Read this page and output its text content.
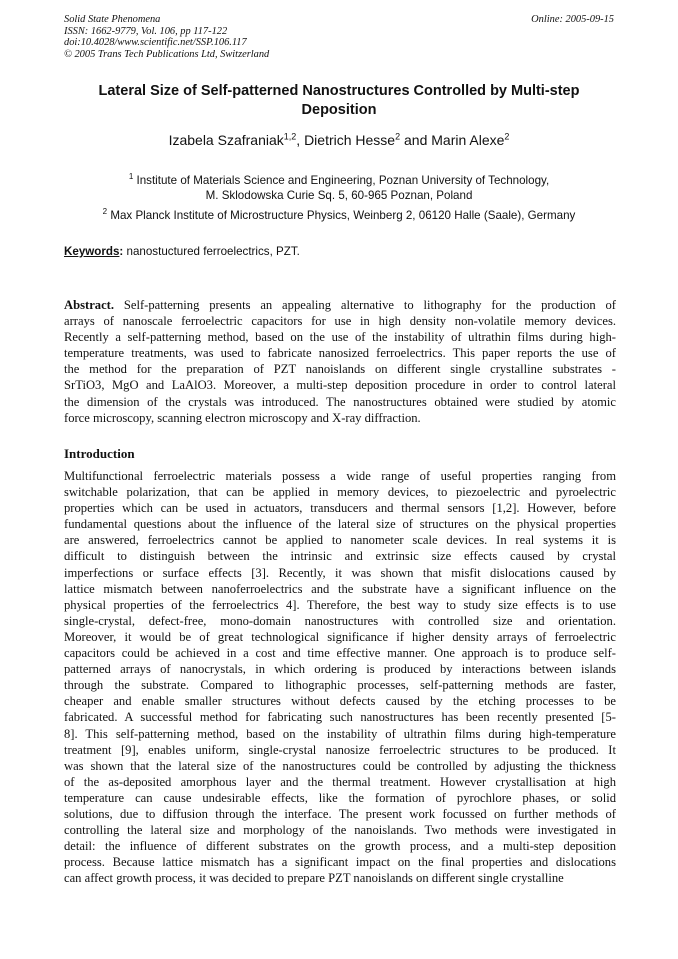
Solid State Phenomena
ISSN: 1662-9779, Vol. 106, pp 117-122
doi:10.4028/www.scientific.net/SSP.106.117
© 2005 Trans Tech Publications Ltd, Switzerland
Online: 2005-09-15
Lateral Size of Self-patterned Nanostructures Controlled by Multi-step
Deposition
Izabela Szafraniak$^{1,2}$, Dietrich Hesse$^2$ and Marin Alexe$^2$
$^1$ Institute of Materials Science and Engineering, Poznan University of Technology,
M. Sklodowska Curie Sq. 5, 60-965 Poznan, Poland
$^2$ Max Planck Institute of Microstructure Physics, Weinberg 2, 06120 Halle (Saale), Germany
Keywords: nanostuctured ferroelectrics, PZT.
Abstract. Self-patterning presents an appealing alternative to lithography for the production of
arrays of nanoscale ferroelectric capacitors for use in high density non-volatile memory devices.
Recently a self-patterning method, based on the use of the instability of ultrathin films during high-
temperature treatments, was used to fabricate nanosized ferroelectrics. This paper reports the use of
the method for the preparation of PZT nanoislands on different single crystalline substrates -
SrTiO3, MgO and LaAlO3. Moreover, a multi-step deposition procedure in order to control lateral
the dimension of the crystals was introduced. The nanostructures obtained were studied by atomic
force microscopy, scanning electron microscopy and X-ray diffraction.
Introduction
Multifunctional ferroelectric materials possess a wide range of useful properties ranging from
switchable polarization, that can be applied in memory devices, to piezoelectric and pyroelectric
properties which can be used in actuators, transducers and thermal sensors [1,2]. However, before
fundamental questions about the influence of the lateral size of structures on the physical properties
are answered, ferroelectrics cannot be applied to nanometer scale devices. In real systems it is
difficult to distinguish between the intrinsic and extrinsic size effects caused by crystal
imperfections or surface effects [3]. Recently, it was shown that misfit dislocations caused by
lattice mismatch between nanoferroelectrics and the substrate have a significant influence on the
physical properties of the ferroelectrics 4]. Therefore, the best way to study size effects is to use
single-crystal, defect-free, mono-domain nanostructures with controlled size and orientation.
Moreover, it would be of great technological significance if higher density arrays of ferroelectric
capacitors could be achieved in a cost and time effective manner. One approach is to produce self-
patterned arrays of nanocrystals, in which ordering is produced by interactions between islands
through the substrate. Compared to lithographic processes, self-patterning methods are faster,
cheaper and enable smaller structures without defects caused by the etching processes to be
fabricated. A successful method for fabricating such nanostructures has been recently presented [5-
8]. This self-patterning method, based on the instability of ultrathin films during high-temperature
treatment [9], enables uniform, single-crystal nanosize ferroelectric structures to be produced. It
was shown that the lateral size of the nanostructures could be controlled by adjusting the thickness
of the as-deposited amorphous layer and the thermal treatment. However crystallisation at high
temperature can cause undesirable effects, like the formation of pyrochlore phases, or solid
solutions, due to diffusion through the interface. The present work focussed on further methods of
controlling the lateral size and morphology of the nanoislands. Two methods were investigated in
detail: the influence of different substrates on the growth process, and a multi-step deposition
process. Because lattice mismatch has a significant impact on the final properties and dislocations
can affect growth process, it was decided to prepare PZT nanoislands on different single crystalline
